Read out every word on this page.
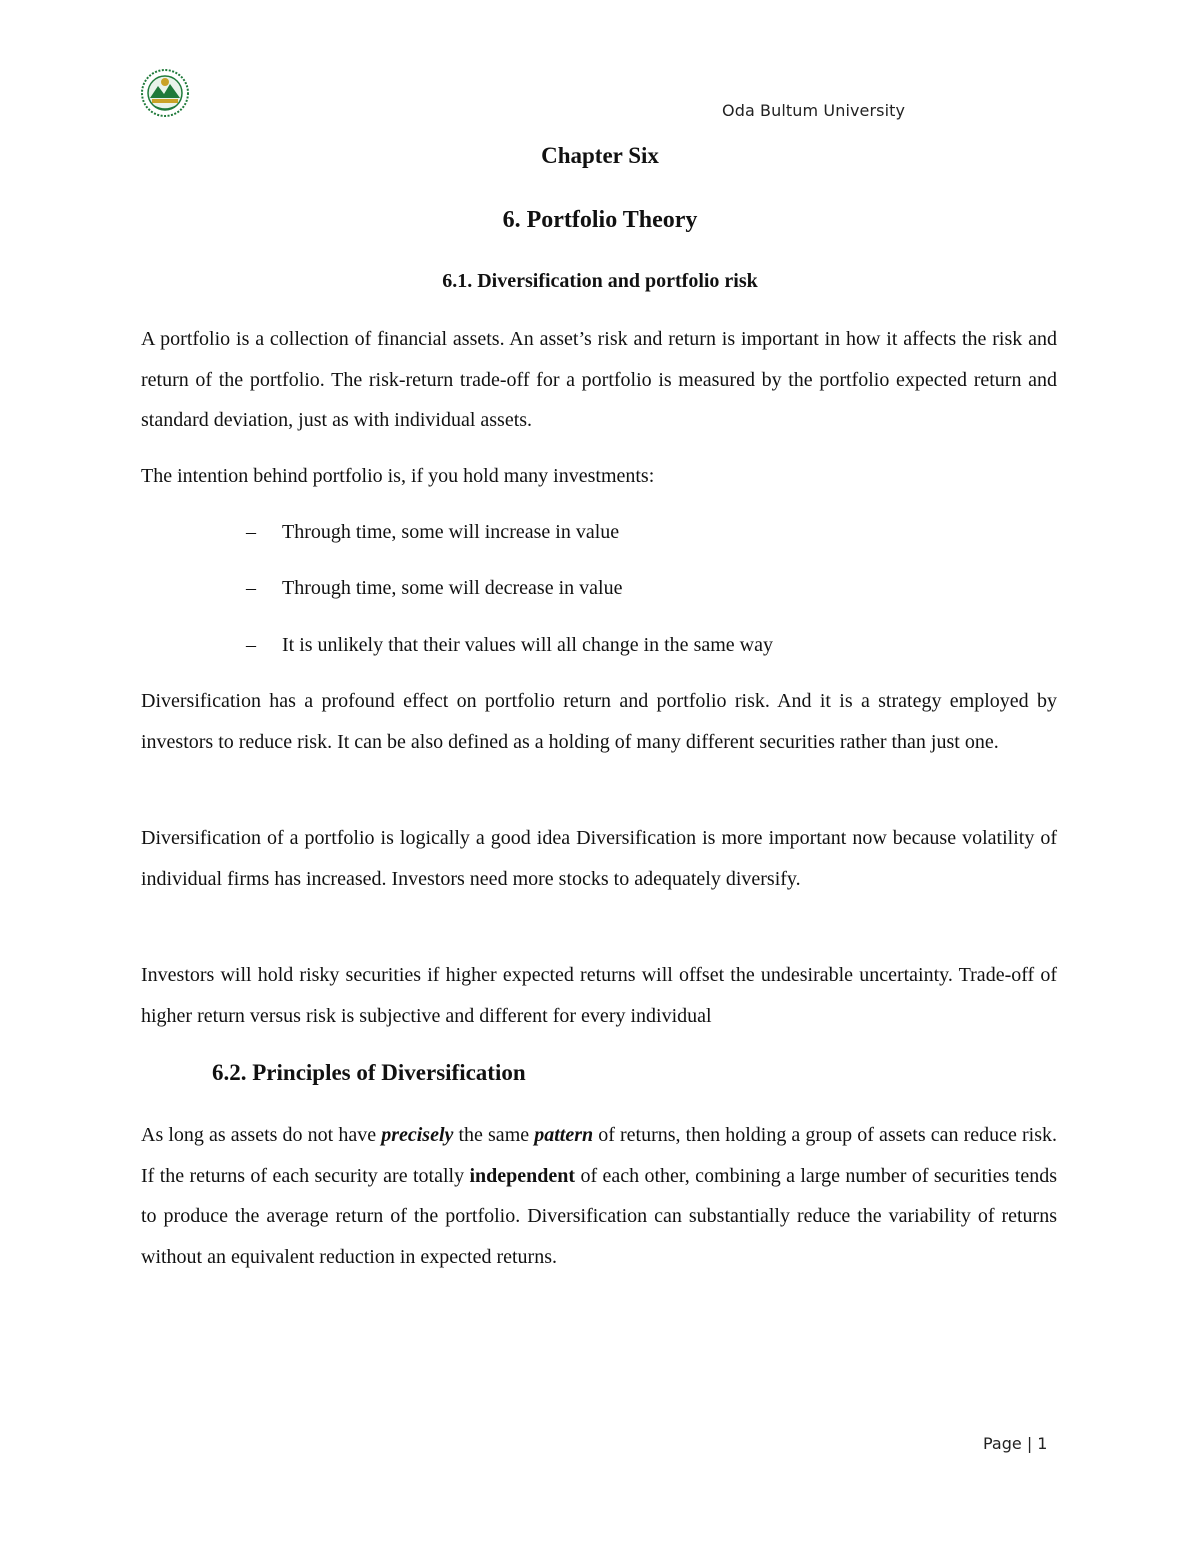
Oda Bultum University
Chapter Six
6. Portfolio Theory
6.1. Diversification and portfolio risk
A portfolio is a collection of financial assets. An asset’s risk and return is important in how it affects the risk and return of the portfolio. The risk-return trade-off for a portfolio is measured by the portfolio expected return and standard deviation, just as with individual assets.
The intention behind portfolio is, if you hold many investments:
– Through time, some will increase in value
– Through time, some will decrease in value
– It is unlikely that their values will all change in the same way
Diversification has a profound effect on portfolio return and portfolio risk. And it is a strategy employed by investors to reduce risk. It can be also defined as a holding of many different securities rather than just one.
Diversification of a portfolio is logically a good idea Diversification is more important now because volatility of individual firms has increased. Investors need more stocks to adequately diversify.
Investors will hold risky securities if higher expected returns will offset the undesirable uncertainty. Trade-off of higher return versus risk is subjective and different for every individual
6.2. Principles of Diversification
As long as assets do not have precisely the same pattern of returns, then holding a group of assets can reduce risk. If the returns of each security are totally independent of each other, combining a large number of securities tends to produce the average return of the portfolio. Diversification can substantially reduce the variability of returns without an equivalent reduction in expected returns.
Page | 1
